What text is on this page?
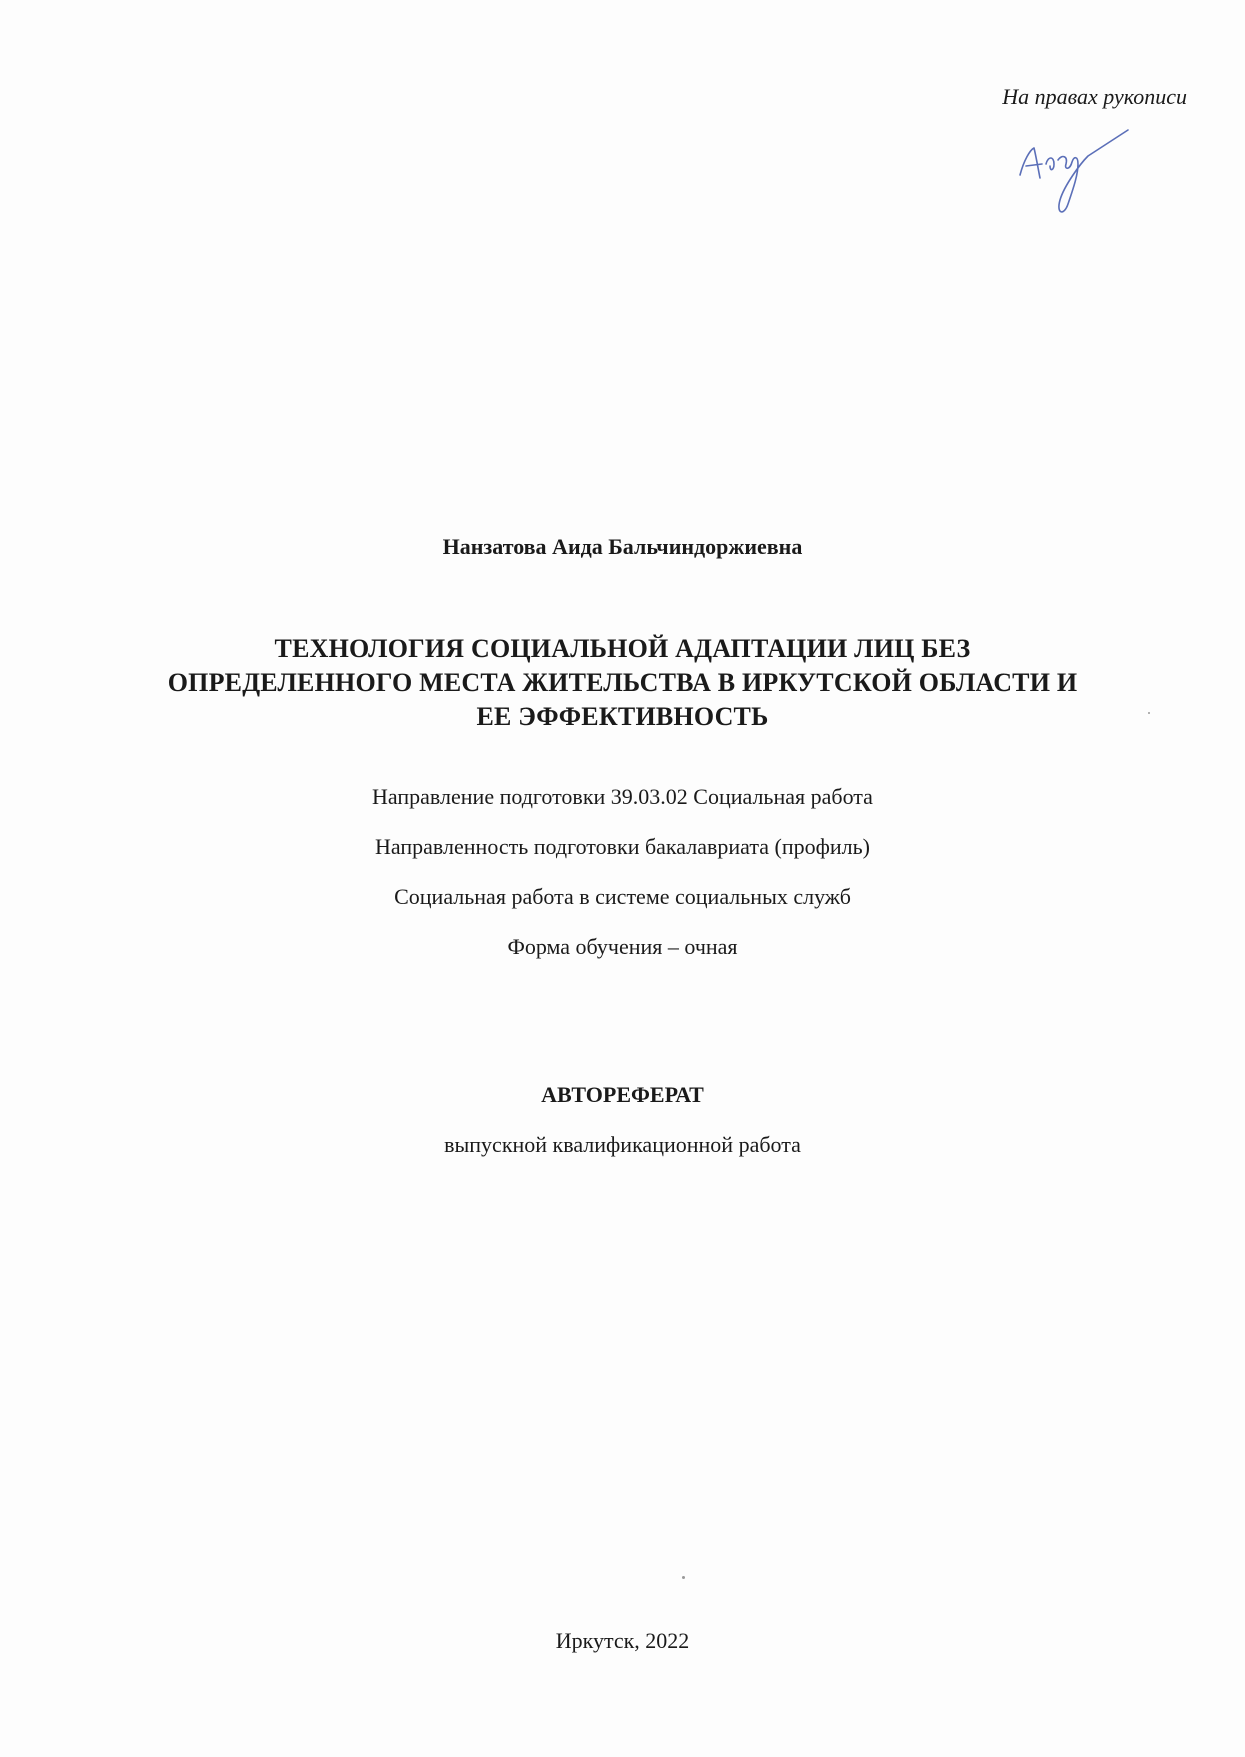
На правах рукописи
Нанзатова Аида Бальчиндоржиевна
ТЕХНОЛОГИЯ СОЦИАЛЬНОЙ АДАПТАЦИИ ЛИЦ БЕЗ
ОПРЕДЕЛЕННОГО МЕСТА ЖИТЕЛЬСТВА В ИРКУТСКОЙ ОБЛАСТИ И
ЕЕ ЭФФЕКТИВНОСТЬ
Направление подготовки 39.03.02 Социальная работа
Направленность подготовки бакалавриата (профиль)
Социальная работа в системе социальных служб
Форма обучения – очная
АВТОРЕФЕРАТ
выпускной квалификационной работа
Иркутск, 2022
